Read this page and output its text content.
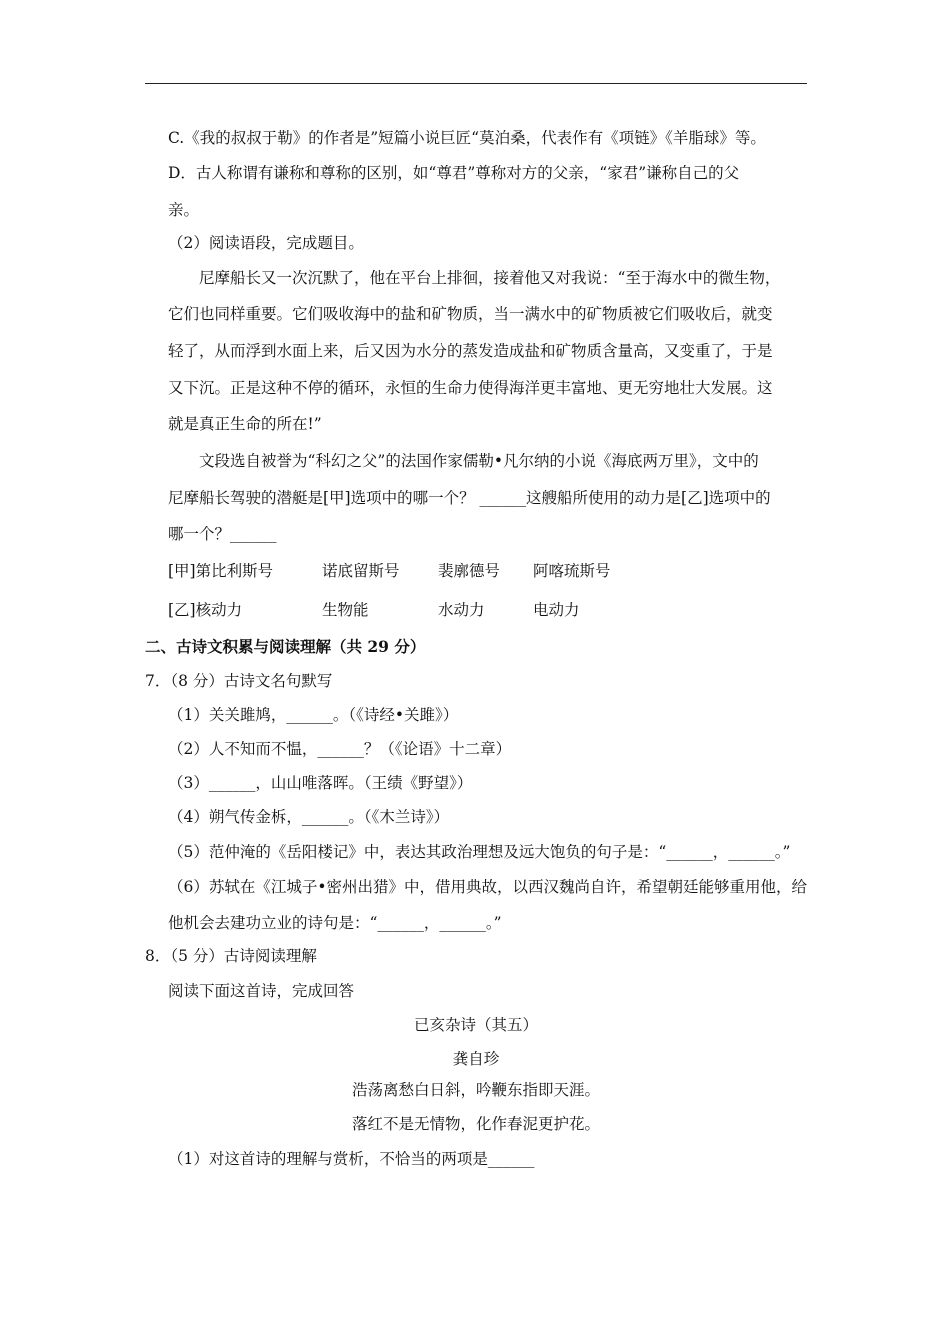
C.《我的叔叔于勒》的作者是”短篇小说巨匠“莫泊桑，代表作有《项链》《羊脂球》等。
D．古人称谓有谦称和尊称的区别，如“尊君”尊称对方的父亲，“家君”谦称自己的父
亲。
（2）阅读语段，完成题目。
尼摩船长又一次沉默了，他在平台上排徊，接着他又对我说：“至于海水中的微生物，
它们也同样重要。它们吸收海中的盐和矿物质，当一满水中的矿物质被它们吸收后，就变
轻了，从而浮到水面上来，后又因为水分的蒸发造成盐和矿物质含量高，又变重了，于是
又下沉。正是这种不停的循环，永恒的生命力使得海洋更丰富地、更无穷地壮大发展。这
就是真正生命的所在!”
文段选自被誉为“科幻之父”的法国作家儒勒•凡尔纳的小说《海底两万里》，文中的
尼摩船长驾驶的潜艇是[甲]选项中的哪一个？ ______这艘船所使用的动力是[乙]选项中的
哪一个？______
[甲]第比利斯号	诺底留斯号 裴廓德号 阿喀琉斯号
[乙]核动力	生物能	水动力	电动力
二、古诗文积累与阅读理解（共 29 分）
7．（8 分）古诗文名句默写
（1）关关雎鸠，______。（《诗经•关雎》）
（2）人不知而不愠，______？（《论语》十二章）
（3）______，山山唯落晖。（王绩《野望》）
（4）朔气传金柝，______。（《木兰诗》）
（5）范仲淹的《岳阳楼记》中，表达其政治理想及远大饱负的句子是：“______，______。”
（6）苏轼在《江城子•密州出猎》中，借用典故，以西汉魏尚自许，希望朝廷能够重用他，给
他机会去建功立业的诗句是：“______，______。”
8．（5 分）古诗阅读理解
阅读下面这首诗，完成回答
已亥杂诗（其五）
龚自珍
浩荡离愁白日斜，吟鞭东指即天涯。
落红不是无情物，化作春泥更护花。
（1）对这首诗的理解与赏析，不恰当的两项是______
